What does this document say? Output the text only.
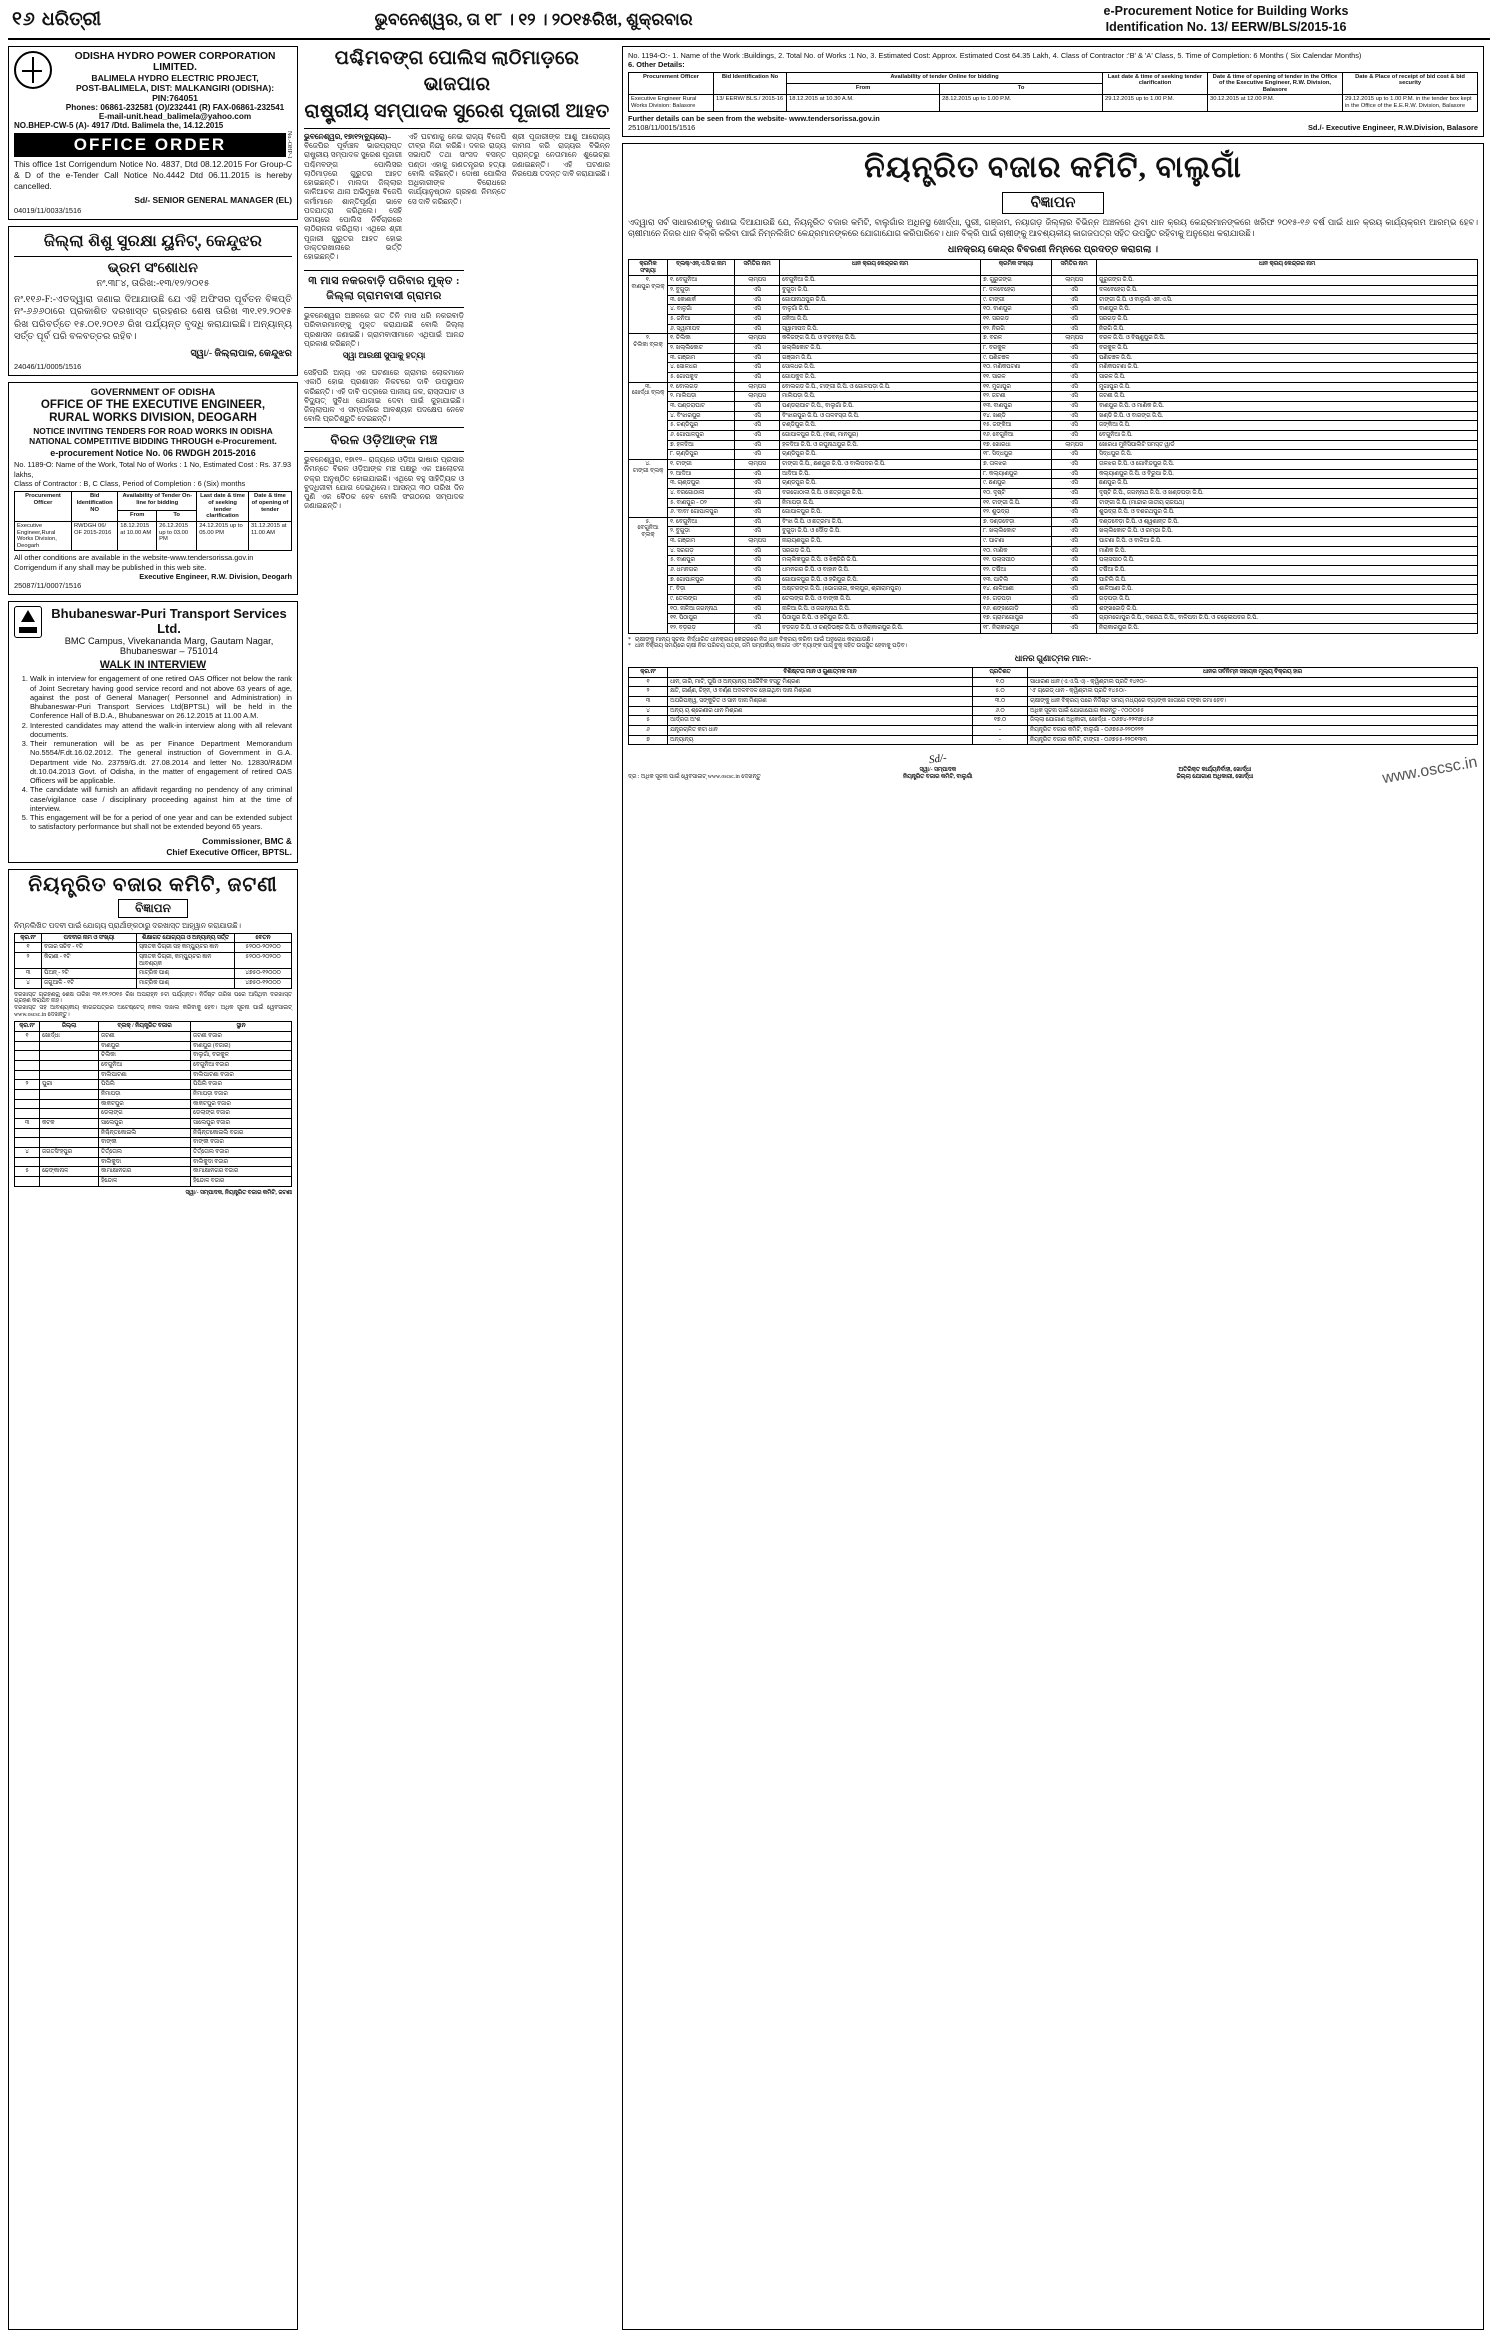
୧୬ ଧରିତ୍ରୀ	ଭୁବନେଶ୍ୱର, ତା ୧୮ । ୧୨ । ୨୦୧୫ରିଖ, ଶୁକ୍ରବାର	e-Procurement Notice for Building Works
Identification No. 13/ EERW/BLS/2015-16
ODISHA HYDRO POWER CORPORATION LIMITED.
BALIMELA HYDRO ELECTRIC PROJECT,
POST-BALIMELA, DIST: MALKANGIRI (ODISHA): PIN:764051
Phones: 06861-232581 (O)/232441 (R) FAX-06861-232541
E-mail-unit.head_balimela@yahoo.com
NO.BHEP-CW-5 (A)- 4917 /Dtd. Balimela the, 14.12.2015
OFFICE ORDER	No.-OHP-1
This office 1st Corrigendum Notice No. 4837, Dtd 08.12.2015 For Group-C & D of the e-Tender Call Notice No.4442 Dtd 06.11.2015 is hereby cancelled.
Sd/- SENIOR GENERAL MANAGER (EL)
04019/11/0033/1516
ଜିଲ୍ଲା ଶିଶୁ ସୁରକ୍ଷା ୟୁନିଟ୍, କେନ୍ଦୁଝର
ଭ୍ରମ ସଂଶୋଧନ
ନଂ.୩୮୪, ତାରିଖ:-୧୩/୧୨/୨୦୧୫
ନଂ.୧୧୬-F:-ଏତଦ୍ୱାରା ଜଣାଇ ଦିଆଯାଉଛି ଯେ ଏହି ଅଫିସର ପୂର୍ବତନ ବିଜ୍ଞପ୍ତି ନଂ-୬୬୬ଠାରେ ପ୍ରକାଶିତ ଦରଖାସ୍ତ ଗ୍ରହଣର ଶେଷ ତାରିଖ ୩୧.୧୨.୨୦୧୫ ରିଖ ପରିବର୍ତ୍ତେ ୧୫.୦୧.୨୦୧୬ ରିଖ ପର୍ଯ୍ୟନ୍ତ ବୃଦ୍ଧି କରାଯାଇଛି। ଅନ୍ୟାନ୍ୟ ସର୍ତ୍ତ ପୂର୍ବ ପରି ବଳବତ୍ତର ରହିବ।
ସ୍ୱା/- ଜିଲ୍ଲାପାଳ, କେନ୍ଦୁଝର
24046/11/0005/1516
GOVERNMENT OF ODISHA
OFFICE OF THE EXECUTIVE ENGINEER,
RURAL WORKS DIVISION, DEOGARH
NOTICE INVITING TENDERS FOR ROAD WORKS IN ODISHA
NATIONAL COMPETITIVE BIDDING THROUGH e-Procurement.
e-procurement Notice No. 06 RWDGH 2015-2016
No. 1189-O: Name of the Work, Total No of Works : 1 No, Estimated Cost : Rs. 37.93 lakhs,
Class of Contractor : B, C Class, Period of Completion : 6 (Six) months
Procurement Officer	Bid Identification NO	Availability of Tender On-line for bidding		Last date & time of seeking tender clarification	Date & time of opening of tender
		From	To		
Executive Engineer,Rural Works Division, Deogarh	RWDGH 06/ OF 2015-2016	18.12.2015 at 10.00 AM	26.12.2015 up to 03.00 PM	24.12.2015 up to 05.00 PM	31.12.2015 at 11.00 AM
All other conditions are available in the website-www.tendersorissa.gov.in
Corrigendum if any shall may be published in this web site.
Executive Engineer, R.W. Division, Deogarh
25087/11/0007/1516
Bhubaneswar-Puri Transport Services Ltd.
BMC Campus, Vivekananda Marg, Gautam Nagar, Bhubaneswar – 751014
WALK IN INTERVIEW
1. Walk in interview for engagement of one retired OAS Officer not below the rank of Joint Secretary having good service record and not above 63 years of age, against the post of General Manager( Personnel and Administration) in Bhubaneswar-Puri Transport Services Ltd(BPTSL) will be held in the Conference Hall of B.D.A., Bhubaneswar on 26.12.2015 at 11.00 A.M.
2. Interested candidates may attend the walk-in interview along with all relevant documents.
3. Their remuneration will be as per Finance Department Memorandum No.5554/F.dt.16.02.2012. The general instruction of Government in G.A. Department vide No. 23759/G.dt. 27.08.2014 and letter No. 12830/R&DM dt.10.04.2013 Govt. of Odisha, in the matter of engagement of retired OAS Officers will be applicable.
4. The candidate will furnish an affidavit regarding no pendency of any criminal case/vigilance case / disciplinary proceeding against him at the time of interview.
5. This engagement will be for a period of one year and can be extended subject to satisfactory performance but shall not be extended beyond 65 years.
Commissioner, BMC &
Chief Executive Officer, BPTSL.
ନିୟନ୍ତ୍ରିତ ବଜାର କମିଟି, ଜଟଣୀ
ବିଜ୍ଞାପନ
ନିମ୍ନଲିଖିତ ପଦବୀ ପାଇଁ ଯୋଗ୍ୟ ପ୍ରାର୍ଥୀଙ୍କଠାରୁ ଦରଖାସ୍ତ ଆହ୍ୱାନ କରାଯାଉଛି।
କ୍ର.ନଂ	ପଦବୀର ନାମ ଓ ସଂଖ୍ୟା	ଶିକ୍ଷାଗତ ଯୋଗ୍ୟତା ଓ ଅନ୍ୟାନ୍ୟ ସର୍ତ୍ତ	ବେତନ
୧	ବଜାର ସଚିବ - ୧ଟି	ସ୍ନାତକ ଡିଗ୍ରୀ ସହ କମ୍ପ୍ୟୁଟର ଜ୍ଞାନ	୫୨୦୦-୨୦୨୦୦
୨	କିରାଣୀ - ୧ଟି	ସ୍ନାତକ ଡିଗ୍ରୀ, କମ୍ପ୍ୟୁଟର ଜ୍ଞାନ ଆବଶ୍ୟକ	୫୨୦୦-୨୦୨୦୦
୩	ପିଅନ୍ - ୨ଟି	ମାଟ୍ରିକ ପାଶ୍	୪୭୫୦-୧୨୦୦୦
୪	ଜଗୁଆଳି - ୧ଟି	ମାଟ୍ରିକ ପାଶ୍	୪୭୫୦-୧୨୦୦୦
ଦରଖାସ୍ତ ଗ୍ରହଣର ଶେଷ ତାରିଖ ୩୧.୧୨.୨୦୧୫ ରିଖ ଅପରାହ୍ନ ୫ଟା ପର୍ଯ୍ୟନ୍ତ। ନିର୍ଦ୍ଦିଷ୍ଟ ତାରିଖ ପରେ ଆସିଥିବା ଦରଖାସ୍ତ ଗ୍ରହଣ କରାଯିବ ନାହିଁ।
ଦରଖାସ୍ତ ସହ ଆବଶ୍ୟକୀୟ କାଗଜପତ୍ରର ଅଟେଷ୍ଟେଡ୍ ନକଲ ଦାଖଲ କରିବାକୁ ହେବ। ଅଧିକ ସୂଚନା ପାଇଁ ୱେବସାଇଟ୍ www.oscsc.in ଦେଖନ୍ତୁ।
କ୍ର.ନଂ	ଜିଲ୍ଲା	ବ୍ଲକ୍ / ନିୟନ୍ତ୍ରିତ ବଜାର	ସ୍ଥାନ
୧	ଖୋର୍ଦ୍ଧା	ଜଟଣୀ	ଜଟଣୀ ବଜାର
		ବାଣପୁର	ବାଣପୁର (ବଜାର)
		ଚିଲିକା	ବାଲୁଗାଁ, ବରକୁଳ
		ବେଗୁନିଆ	ବେଗୁନିଆ ବଜାର
		ବାଲିପାଟଣା	ବାଲିପାଟଣା ବଜାର
୨	ପୁରୀ	ପିପିଲି	ପିପିଲି ବଜାର
		ନିମାପଡ଼ା	ନିମାପଡ଼ା ବଜାର
		କାକଟପୁର	କାକଟପୁର ବଜାର
		ଡେଲାଙ୍ଗ	ଡେଲାଙ୍ଗ ବଜାର
୩	କଟକ	ସାଲେପୁର	ସାଲେପୁର ବଜାର
		ନିଶ୍ଚିନ୍ତକୋଇଲି	ନିଶ୍ଚିନ୍ତକୋଇଲି ବଜାର
		ବାଙ୍କୀ	ବାଙ୍କୀ ବଜାର
୪	ଜଗତସିଂହପୁର	ତିର୍ତ୍ତୋଲ	ତିର୍ତ୍ତୋଲ ବଜାର
		ବାଲିକୁଦା	ବାଲିକୁଦା ବଜାର
୫	ଢେଙ୍କାନାଳ	କାମାକ୍ଷାନଗର	କାମାକ୍ଷାନଗର ବଜାର
		ହିନ୍ଦୋଳ	ହିନ୍ଦୋଳ ବଜାର
ସ୍ୱା/- ସମ୍ପାଦକ, ନିୟନ୍ତ୍ରିତ ବଜାର କମିଟି, ଜଟଣୀ
ପଶ୍ଚିମବଙ୍ଗ ପୋଲିସ ଲାଠିମାଡ଼ରେ ଭାଜପାର
ରାଷ୍ଟ୍ରୀୟ ସମ୍ପାଦକ ସୁରେଶ ପୂଜାରୀ ଆହତ
ଭୁବନେଶ୍ୱର, ୧୭ା୧୨(ବ୍ୟୁରୋ)–
ବିଜେପିର ପୂର୍ବାଞ୍ଚଳ ଭାରପ୍ରାପ୍ତ ରାଷ୍ଟ୍ରୀୟ ସମ୍ପାଦକ ସୁରେଶ ପୂଜାରୀ ପଶ୍ଚିମବଙ୍ଗ ପୋଲିସର ଲାଠିମାଡ଼ରେ ଗୁରୁତର ଆହତ ହୋଇଛନ୍ତି। ମାଲଦା ଜିଲ୍ଲାର କାଳିଆଚକ ଥାନା ଅଭିମୁଖେ ବିଜେପି କର୍ମୀମାନେ ଶାନ୍ତିପୂର୍ଣ୍ଣ ଭାବେ ପଦଯାତ୍ରା କରିଥିଲେ। ସେହି ସମୟରେ ପୋଲିସ ନିର୍ବିଚାରରେ ଲାଠିଚାଳନା କରିଥିଲା। ଏଥିରେ ଶ୍ରୀ ପୂଜାରୀ ଗୁରୁତର ଆହତ ହୋଇ ଡାକ୍ତରଖାନାରେ ଭର୍ତ୍ତି ହୋଇଛନ୍ତି।
ଏହି ଘଟଣାକୁ ନେଇ ରାଜ୍ୟ ବିଜେପି ତୀବ୍ର ନିନ୍ଦା କରିଛି। ଦଳର ରାଜ୍ୟ ସଭାପତି ତଥା ସାଂସଦ ବସନ୍ତ ପଣ୍ଡା ଏହାକୁ ଗଣତନ୍ତ୍ରର ହତ୍ୟା ବୋଲି କହିଛନ୍ତି। ଦୋଷୀ ପୋଲିସ ଅଧିକାରୀଙ୍କ ବିରୋଧରେ କାର୍ଯ୍ୟାନୁଷ୍ଠାନ ଗ୍ରହଣ ନିମନ୍ତେ ସେ ଦାବି କରିଛନ୍ତି।
ଶ୍ରୀ ପୂଜାରୀଙ୍କ ଆଶୁ ଆରୋଗ୍ୟ କାମନା କରି ରାଜ୍ୟର ବିଭିନ୍ନ ପ୍ରାନ୍ତରୁ ନେତାମାନେ ଶୁଭେଚ୍ଛା ଜଣାଇଛନ୍ତି। ଏହି ଘଟଣାର ନିରପେକ୍ଷ ତଦନ୍ତ ଦାବି କରାଯାଇଛି।
୩ ମାସ ନକରବାଡ଼ି ପରିବାର ମୁକ୍ତ : ଜିଲ୍ଲା ଗ୍ରାମବାସୀ ଗ୍ରାମର
ଭୁବନେଶ୍ୱର ଅଞ୍ଚଳରେ ଗତ ତିନି ମାସ ଧରି ନକରବାଡ଼ି ପରିବାରମାନଙ୍କୁ ମୁକ୍ତ କରାଯାଇଛି ବୋଲି ଜିଲ୍ଲା ପ୍ରଶାସନ ଜଣାଇଛି। ଗ୍ରାମବାସୀମାନେ ଏଥିପାଇଁ ଆନନ୍ଦ ପ୍ରକାଶ କରିଛନ୍ତି।
ସ୍ୱା ଆରକ୍ଷୀ ସୁପାକୁ ହତ୍ୟା
ସେହିପରି ଅନ୍ୟ ଏକ ଘଟଣାରେ ଗ୍ରାମର ଲୋକମାନେ ଏକାଠି ହୋଇ ପ୍ରଶାସନ ନିକଟରେ ଦାବି ଉପସ୍ଥାପନ କରିଛନ୍ତି। ଏହି ଦାବି ପତ୍ରରେ ପାନୀୟ ଜଳ, ରାସ୍ତାଘାଟ ଓ ବିଦ୍ୟୁତ୍ ସୁବିଧା ଯୋଗାଇ ଦେବା ପାଇଁ କୁହାଯାଇଛି। ଜିଲ୍ଲାପାଳ ଏ ସମ୍ପର୍କରେ ଆବଶ୍ୟକ ପଦକ୍ଷେପ ନେବେ ବୋଲି ପ୍ରତିଶ୍ରୁତି ଦେଇଛନ୍ତି।
ବିରଳ ଓଡ଼ିଆଙ୍କ ମଞ୍ଚ
ଭୁବନେଶ୍ୱର, ୧୭ା୧୨– ରାଜ୍ୟରେ ଓଡ଼ିଆ ଭାଷାର ପ୍ରସାର ନିମନ୍ତେ ବିରଳ ଓଡ଼ିଆଙ୍କ ମଞ୍ଚ ପକ୍ଷରୁ ଏକ ଆଲୋଚନା ଚକ୍ର ଅନୁଷ୍ଠିତ ହୋଇଯାଇଛି। ଏଥିରେ ବହୁ ସାହିତ୍ୟିକ ଓ ବୁଦ୍ଧିଜୀବୀ ଯୋଗ ଦେଇଥିଲେ। ଆସନ୍ତା ୩୦ ତାରିଖ ଦିନ ପୁଣି ଏକ ବୈଠକ ହେବ ବୋଲି ସଂଗଠନର ସମ୍ପାଦକ ଜଣାଇଛନ୍ତି।
No. 1194-O:- 1. Name of the Work :Buildings, 2. Total No. of Works :1 No, 3. Estimated Cost: Approx. Estimated Cost 64.35 Lakh, 4. Class of Contractor :'B' & 'A' Class, 5. Time of Completion: 6 Months ( Six Calendar Months)
6. Other Details:
Procurement Officer	Bid Identification No	Availability of tender Online for bidding		Last date & time of seeking tender clarification	Date & time of opening of tender in the Office of the Executive Engineer, R.W. Division, Balasore	Date & Place of receipt of bid cost & bid security
		From	To			
Executive Engineer Rural Works Division: Balasore	13/ EERW/ BLS./ 2015-16	18.12.2015 at 10.30 A.M.	28.12.2015 up to 1.00 P.M.	29.12.2015 up to 1.00 P.M.	30.12.2015 at 12.00 P.M.	29.12.2015 up to 1.00 P.M. in the tender box kept in the Office of the E.E.R.W. Division, Balasore
Further details can be seen from the website- www.tendersorissa.gov.in
25108/11/0015/1516	Sd./- Executive Engineer, R.W.Division, Balasore
ନିୟନ୍ତ୍ରିତ ବଜାର କମିଟି, ବାଲୁଗାଁ
ବିଜ୍ଞାପନ
ଏଦ୍ୱାରା ସର୍ବ ସାଧାରଣଙ୍କୁ ଜଣାଇ ଦିଆଯାଉଛି ଯେ, ନିୟନ୍ତ୍ରିତ ବଜାର କମିଟି, ବାଲୁଗାଁର ଅଧିନସ୍ଥ ଖୋର୍ଦ୍ଧା, ପୁରୀ, ଗଞ୍ଜାମ, ନୟାଗଡ଼ ଜିଲ୍ଲାର ବିଭିନ୍ନ ଅଞ୍ଚଳରେ ଥିବା ଧାନ କ୍ରୟ କେନ୍ଦ୍ରମାନଙ୍କରେ ଖରିଫ ୨୦୧୫-୧୬ ବର୍ଷ ପାଇଁ ଧାନ କ୍ରୟ କାର୍ଯ୍ୟକ୍ରମ ଆରମ୍ଭ ହେବ। ଚାଷୀମାନେ ନିଜର ଧାନ ବିକ୍ରି କରିବା ପାଇଁ ନିମ୍ନଲିଖିତ କେନ୍ଦ୍ରମାନଙ୍କରେ ଯୋଗାଯୋଗ କରିପାରିବେ। ଧାନ ବିକ୍ରି ପାଇଁ ଚାଷୀଙ୍କୁ ଆବଶ୍ୟକୀୟ କାଗଜପତ୍ର ସହିତ ଉପସ୍ଥିତ ରହିବାକୁ ଅନୁରୋଧ କରାଯାଉଛି।
ଧାନକ୍ରୟ କେନ୍ଦ୍ର ବିବରଣୀ ନିମ୍ନରେ ପ୍ରଦତ୍ତ କରାଗଲା ।
କ୍ରମିକ ସଂଖ୍ୟା	ବ୍ଲକ୍/ଏନ୍.ଏ.ସି ର ନାମ	ସମିତିର ନାମ	ଧାନ କ୍ରୟ କେନ୍ଦ୍ରର ନାମ	କ୍ରମିକ ସଂଖ୍ୟା	ସମିତିର ନାମ	ଧାନ କ୍ରୟ କେନ୍ଦ୍ରର ନାମ

୧.
ବାଣପୁର ବ୍ଲକ୍	୧. ବେଗୁନିଆ	ଲାମ୍ପସ	ବେଗୁନିଆ ଜି.ପି.	୭. ଗୁରୁଜଙ୍ଗ	ଲାମ୍ପସ	ଗୁରୁଜଙ୍ଗ ଜି.ପି.
	୨. ବୁଗୁଡ଼ା	ଏସି	ବୁଗୁଡ଼ା ଜି.ପି.	୮. ଦଳବେହେରା	ଏସି	ଦଳବେହେରା ଜି.ପି.
	୩. କୋଣାର୍କ	ଏସି	ଗୋପୀନାଥପୁର ଜି.ପି.	୯. ଟାଙ୍ଗୀ	ଏସି	ଟାଙ୍ଗୀ ଜି.ପି. ଓ ବାଲୁଗାଁ ଏନ.ଏ.ସି.
	୪. ବାଳୁଗାଁ	ଏସି	ବାଳୁଗାଁ ଜି.ପି.	୧୦. ବାଣପୁର	ଏସି	ବାଣପୁର ଜି.ପି.
	୫. ଜନିଆ	ଏସି	ଜନିଆ ଜି.ପି.	୧୧. ସରଗଡ଼	ଏସି	ସରଗଡ଼ ଜି.ପି.
	୬. ସ୍ୱାମୀପଦ	ଏସି	ସ୍ୱାମୀପଦ ଜି.ପି.	୧୨. ନିରଗି	ଏସି	ନିରଗି ଜି.ପି.

୨.
ଚିଲିକା ବ୍ଲକ୍	୧. ଚିଲିକା	ଲାମ୍ପସ	କଳିଜଙ୍ଗ ଜି.ପି. ଓ ବଡ଼ବନ୍ଧ ଜି.ପି.	୭. ବରଳ	ଲାମ୍ପସ	ବରଳ ଜି.ପି. ଓ ବିଷ୍ଣୁପୁର ଜି.ପି.
	୨. ଖଲ୍ଲିକୋଟ	ଏସି	ଖଲ୍ଲିକୋଟ ଜି.ପି.	୮. ବରକୁଳ	ଏସି	ବରକୁଳ ଜି.ପି.
	୩. ଗଞ୍ଜାମ	ଏସି	ଗଞ୍ଜାମ ଜି.ପି.	୯. ପଣିଚଞ୍ଚଳ	ଏସି	ପଣିଚଞ୍ଚଳ ଜି.ପି.
	୪. ସୋଳଧର	ଏସି	ସୋଳଧର ଜି.ପି.	୧୦. ମଣିକପଟଣା	ଏସି	ମଣିକପଟଣା ଜି.ପି.
	୫. ଗୋପକୁଦ	ଏସି	ଗୋପକୁଦ ଜି.ପି.	୧୧. ସାରଳ	ଏସି	ସାରଳ ଜି.ପି.

୩.
ଖୋର୍ଦ୍ଧା ବ୍ଲକ୍	୧. ବୋଲଗଡ଼	ଲାମ୍ପସ	ବୋଲଗଡ଼ ଜି.ପି., ଟାଙ୍ଗୀ ଜି.ପି. ଓ ଗୋଳପଡ଼ା ଜି.ପି.	୧୧. ମୁଗାପୁର	ଏସି	ମୁଗାପୁର ଜି.ପି.
	୨. ମାଲିପଡ଼ା	ଲାମ୍ପସ	ମାଲିପଡ଼ା ଜି.ପି.	୧୨. ଜଟଣୀ	ଏସି	ଜଟଣୀ ଜି.ପି.
	୩. ପଣ୍ଡରାଘାଟ	ଏସି	ପଣ୍ଡରାଘାଟ ଜି.ପି., ବାଲୁଗାଁ ଜି.ପି.	୧୩. ବାଣପୁର	ଏସି	ବାଣପୁର ଜି.ପି. ଓ ମାଣିକ ଜି.ପି.
	୪. ବିଂଝାରପୁର	ଏସି	ବିଂଝାରପୁର ଜି.ପି. ଓ ତାଳବସ୍ତା ଜି.ପି.	୧୪. ଖଣ୍ଡି	ଏସି	ଖଣ୍ଡି ଜି.ପି. ଓ ବାରଙ୍ଗ ଜି.ପି.
	୫. ଚଣ୍ଡିପୁର	ଏସି	ଚଣ୍ଡିପୁର ଜି.ପି.	୧୫. ଜଙ୍କିଆ	ଏସି	ଜଙ୍କିଆ ଜି.ପି.
	୬. ଗୋପାଳପୁର	ଏସି	ଗୋପାଳପୁର ଜି.ପି. (ବଣୀ, ମାନପୁର)	୧୬. ବେଗୁନିଆ	ଏସି	ବେଗୁନିଆ ଜି.ପି.
	୭. ହଳଦିଆ	ଏସି	ହଳଦିଆ ଜି.ପି. ଓ ରଘୁନାଥପୁର ଜି.ପି.	୧୭. ଖୋରଧା	ଲାମ୍ପସ	ଖୋରଧା ମୁନିସିପାଲିଟି ସମସ୍ତ ୱାର୍ଡ
	୮. ଚାଣ୍ଡିପୁର	ଏସି	ଚାଣ୍ଡିପୁର ଜି.ପି.	୧୮. ସିଦ୍ଧପୁର	ଏସି	ସିଦ୍ଧପୁର ଜି.ପି.

୪.
ଟାଙ୍ଗୀ ବ୍ଲକ୍	୧. ଟାଙ୍ଗୀ	ଲାମ୍ପସ	ଟାଙ୍ଗୀ ଜି.ପି., ଛଣପୁର ଜି.ପି. ଓ ବାଲିପଦର ଜି.ପି.	୭. ତାଳଝର	ଏସି	ତାଳଝର ଜି.ପି. ଓ ଗୋବିନ୍ଦପୁର ଜି.ପି.
	୨. ଆଦିଆ	ଏସି	ଆଦିଆ ଜି.ପି.	୮. କଲ୍ୟାଣପୁର	ଏସି	କଲ୍ୟାଣପୁର ଜି.ପି. ଓ ବିରୁପା ଜି.ପି.
	୩. ଚାଣ୍ଡପୁର	ଏସି	ଚାଣ୍ଡପୁର ଜି.ପି.	୯. ଛଣପୁର	ଏସି	ଛଣପୁର ଜି.ପି.
	୪. ବରଗୋଠାଳୀ	ଏସି	ବରଗୋଠାଳୀ ଜି.ପି. ଓ ଛତ୍ରପୁର ଜି.ପି.	୧୦. ଦୃଷ୍ଟି	ଏସି	ଦୃଷ୍ଟି ଜି.ପି., ଜଗନ୍ନାଥ ଜି.ପି. ଓ ଖଣ୍ଡପଡ଼ା ଜି.ପି.
	୫. ବାଣପୁର - ୦୨	ଏସି	ନିମାପଡ଼ା ଜି.ପି.	୧୧. ଟାଙ୍ଗୀ ଜି.ପି.	ଏସି	ଟାଙ୍ଗୀ ଜି.ପି. (ମାନ୍ଦାର ଜାତୀୟ ରାଜପଥ)
	୬. 'ବାବା' ଗୋପାଳପୁର	ଏସି	ଗୋପାଳପୁର ଜି.ପି.	୧୨. ଶୁଭଦ୍ରା	ଏସି	ଶୁଭଦ୍ରା ଜି.ପି. ଓ ଦଶରଥପୁର ଜି.ପି.

୫.
ବେଗୁନିଆ ବ୍ଲକ୍	୧. ବେଗୁନିଆ	ଏସି	ବିଂଝା ଜି.ପି. ଓ ଛତ୍ରମା ଜି.ପି.	୭. ଦଣ୍ଡବେଡ଼ା	ଏସି	ଦଣ୍ଡବେଡ଼ା ଜି.ପି. ଓ ଶ୍ୱଶାନ୍ତ ଜି.ପି.
	୨. ବୁଗୁଡ଼ା	ଏସି	ବୁଗୁଡ଼ା ଜି.ପି. ଓ ଦୌଡ଼ ଜି.ପି.	୮. ଖଲ୍ଲିକୋଟ	ଏସି	ଖଲ୍ଲିକୋଟ ଜି.ପି. ଓ ରମ୍ଭା ଜି.ପି.
	୩. ଗଞ୍ଜାମ	ଲାମ୍ପସ	ନାରାୟଣପୁର ଜି.ପି.	୯. ପାଟଣା	ଏସି	ପାଟଣା ଜି.ପି. ଓ ବାଳିଆ ଜି.ପି.
	୪. ସରଗଡ଼	ଏସି	ସରଗଡ଼ ଜି.ପି.	୧୦. ମାଣିକ	ଏସି	ମାଣିକ ଜି.ପି.
	୫. ବାଣପୁର	ଏସି	ମଲ୍ଲିକପୁର ଜି.ପି. ଓ ଝିଞ୍ଜିରି ଜି.ପି.	୧୧. ପଲାସପୀଠ	ଏସି	ପଲାସପୀଠ ଜି.ପି.
	୬. ଧମନଗର	ଏସି	ଧମନଗର ଜି.ପି. ଓ ବାହାନ ଜି.ପି.	୧୨. ତର୍ଷିଆ	ଏସି	ତର୍ଷିଆ ଜି.ପି.
	୭. ଗୋପାଳପୁର	ଏସି	ଗୋପାଳପୁର ଜି.ପି. ଓ ହରିପୁର ଜି.ପି.	୧୩. ପାଟିଲି	ଏସି	ପାଟିଲି ଜି.ପି.
	୮. ବିଡ଼ା	ଏସି	ଅଷ୍ଟରଙ୍ଗ ଜି.ପି. (ଭୋଗରାଇ, କଲାପୁର, ଶ୍ରୀରାମପୁର)	୧୪. ଶାଳିଆଣୀ	ଏସି	ଶାଳିଆଣୀ ଜି.ପି.
	୯. ତେଲଙ୍ଗ	ଏସି	ତେଲଙ୍ଗ ଜି.ପି. ଓ ବାଙ୍କୀ ଜି.ପି.	୧୫. ଗଡ଼ପଡ଼ା	ଏସି	ଗଡ଼ପଡ଼ା ଜି.ପି.
	୧୦. ନାଳିଆ ଜଗନ୍ନାଥ	ଏସି	ନାଳିଆ ଜି.ପି. ଓ ଜଗନ୍ନାଥ ଜି.ପି.	୧୬. ଶଙ୍ଖଜୋଡ଼ି	ଏସି	ଶଙ୍ଖଜୋଡ଼ି ଜି.ପି.
	୧୧. ପିଠାପୁର	ଏସି	ପିଠାପୁର ଜି.ପି. ଓ ହରିପୁର ଜି.ପି.	୧୭. ଗ୍ରାମଗୋପୁର	ଏସି	ଗ୍ରାମଗୋପୁର ଜି.ପି., ଦଶରଥ ଜି.ପି., ବାଳିପଦା ଜି.ପି. ଓ ଚଢ଼େଇପଦର ଜି.ପି.
	୧୨. ବଡ଼ଗଡ଼	ଏସି	ବଡ଼ଗଡ଼ ଜି.ପି. ଓ ଚଣ୍ଡିଭଞ୍ଜ ଜି.ପି. ଓ ନିରାକାରପୁର ଜି.ପି.	୧୮. ନିରାକାରପୁର	ଏସି	ନିରାକାରପୁର ଜି.ପି.
* ଚାଷୀଙ୍କୁ ମାନ୍ୟ ସୂଚନା: ନିର୍ଦ୍ଧାରିତ ଧାନକ୍ରୟ କେନ୍ଦ୍ରରେ ନିଜ ଧାନ ବିକ୍ରୟ କରିବା ପାଇଁ ଅନୁରୋଧ କରାଯାଉଛି।
* ଧାନ ବିକ୍ରୟ ସମୟରେ ଚାଷୀ ନିଜ ପରିଚୟ ପତ୍ର, ଜମି ସମ୍ପର୍କୀୟ କାଗଜ ଏବଂ ବ୍ୟାଙ୍କ ପାସ୍ ବୁକ୍ ସହିତ ଉପସ୍ଥିତ ହେବାକୁ ପଡ଼ିବ।
ଧାନର ଗୁଣାତ୍ମକ ମାନ:-
କ୍ର.ନଂ	ବିଶିଷ୍ଟତା ମାନ ଓ ଗୁଣାତ୍ମକ ମାନ	ପ୍ରତିଶତ	ଧାନର ସର୍ବନିମ୍ନ ସହାୟକ ମୂଲ୍ୟ ବିକ୍ରୟ ହାର
୧	ଧାନ, ଜାରି, ମାଟି, ଘୁଷି ଓ ଅନ୍ୟାନ୍ୟ ଅଜୈବିକ ବସ୍ତୁ ମିଶ୍ରଣ	୧.୦	ସାଧାରଣ ଧାନ (ଏ.ଏ.ସି.ଏ) - କ୍ୱିଣ୍ଟାଲ ପ୍ରତି ୧୪୧୦/-
୨	କ୍ଷତି, ଜୀର୍ଣ୍ଣ, ଚିହ୍ନ, ଓ ବର୍ଣ୍ଣ ଅଦଳବଦଳ ହୋଇଥିବା ଦାନା ମିଶ୍ରଣ	୫.୦	'ଏ' ଗ୍ରେଡ୍ ଧାନ - କ୍ୱିଣ୍ଟାଲ ପ୍ରତି ୧୪୫୦/-
୩	ଅପରିପକ୍ୱ, ସଙ୍କୁଚିତ ଓ ସାନ ଦାନା ମିଶ୍ରଣ	୩.୦	ଚାଷୀଙ୍କୁ ଧାନ ବିକ୍ରୟ ପରେ ନିର୍ଦ୍ଦିଷ୍ଟ ସମୟ ମଧ୍ୟରେ ବ୍ୟାଙ୍କ ଖାତାରେ ଟଙ୍କା ଜମା ହେବ।
୪	ଅନ୍ୟ ୟ ଶ୍ରେଣୀର ଧାନ ମିଶ୍ରଣ	୬.୦	ଅଧିକ ସୂଚନା ପାଇଁ ଯୋଗାଯୋଗ କରନ୍ତୁ - ୯୦୦୦୫୫
୫	ଆର୍ଦ୍ରତା ଅଂଶ	୧୭.୦	ଜିଲ୍ଲା ଯୋଗାଣ ଅଧିକାରୀ, ଖୋର୍ଦ୍ଧା - ୦୬୭୪-୨୨୩୭୪୫୬
୬	ଯନ୍ତ୍ରଚାଳିତ କଟା ଧାନ	-	ନିୟନ୍ତ୍ରିତ ବଜାର କମିଟି, ବାଲୁଗାଁ - ୦୬୭୫୬-୨୨୦୨୨୨
୭	ଅନ୍ୟାନ୍ୟ	-	ନିୟନ୍ତ୍ରିତ ବଜାର କମିଟି, ଟାଙ୍ଗୀ - ୦୬୭୫୫-୨୨୦୧୩୩
ଦ୍ର : ଅଧିକ ସୂଚନା ପାଇଁ ୱେବସାଇଟ୍ www.oscsc.in ଦେଖନ୍ତୁ
Sd/-
ସ୍ୱା/- ସମ୍ପାଦକ
ନିୟନ୍ତ୍ରିତ ବଜାର କମିଟି, ବାଲୁଗାଁ
ଅତିରିକ୍ତ କାର୍ଯ୍ୟନିର୍ବାହୀ, ଖୋର୍ଦ୍ଧା
ଜିଲ୍ଲା ଯୋଗାଣ ଅଧିକାରୀ, ଖୋର୍ଦ୍ଧା	www.oscsc.in
